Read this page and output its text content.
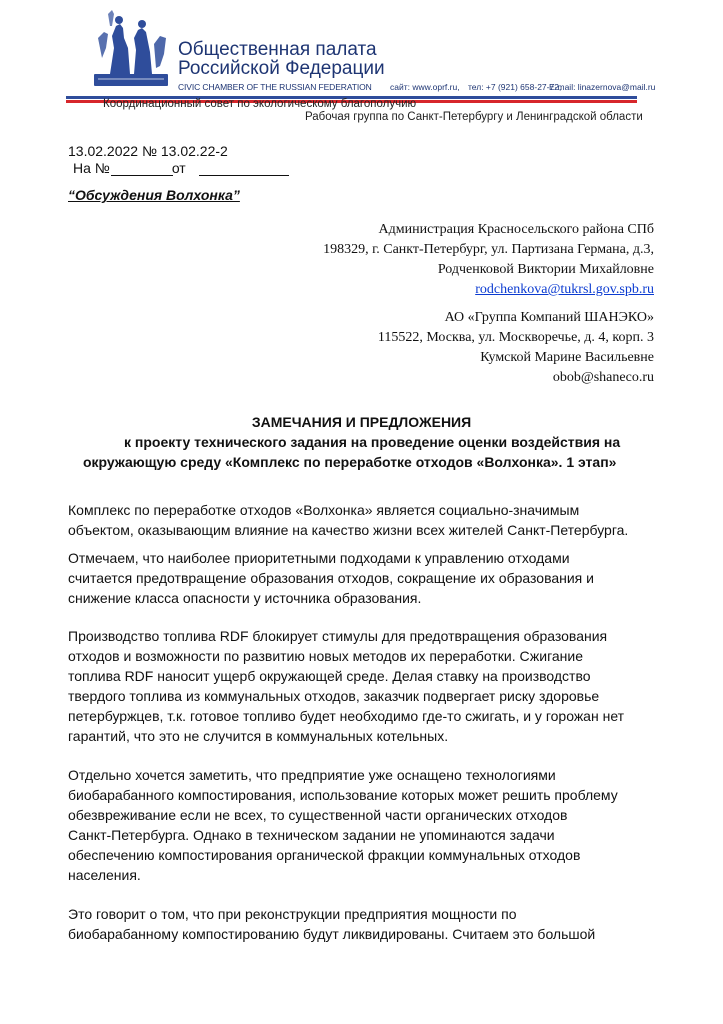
Общественная палата
Российской Федерации
CIVIC CHAMBER OF THE RUSSIAN FEDERATION сайт: www.oprf.ru, тел: +7 (921) 658-27-72,
E-mail: linazernova@mail.ru
Координационный совет по экологическому благополучию
Рабочая группа по Санкт-Петербургу и Ленинградской области
13.02.2022 № 13.02.22-2
На №	от
“Обсуждения Волхонка”
Администрация Красносельского района СПб
198329, г. Санкт-Петербург, ул. Партизана Германа, д.3,
Родченковой Виктории Михайловне
rodchenkova@tukrsl.gov.spb.ru
АО «Группа Компаний ШАНЭКО»
115522, Москва, ул. Москворечье, д. 4, корп. 3
Кумской Марине Васильевне
obob@shaneco.ru
ЗАМЕЧАНИЯ И ПРЕДЛОЖЕНИЯ
к проекту технического задания на проведение оценки воздействия на
окружающую среду «Комплекс по переработке отходов «Волхонка». 1 этап»
Комплекс по переработке отходов «Волхонка» является социально-значимым
объектом, оказывающим влияние на качество жизни всех жителей Санкт-Петербурга.
Отмечаем, что наиболее приоритетными подходами к управлению отходами
считается предотвращение образования отходов, сокращение их образования и
снижение класса опасности у источника образования.
Производство топлива RDF блокирует стимулы для предотвращения образования
отходов и возможности по развитию новых методов их переработки. Сжигание
топлива RDF наносит ущерб окружающей среде. Делая ставку на производство
твердого топлива из коммунальных отходов, заказчик подвергает риску здоровье
петербуржцев, т.к. готовое топливо будет необходимо где-то сжигать, и у горожан нет
гарантий, что это не случится в коммунальных котельных.
Отдельно хочется заметить, что предприятие уже оснащено технологиями
биобарабанного компостирования, использование которых может решить проблему
обезвреживание если не всех, то существенной части органических отходов
Санкт-Петербурга. Однако в техническом задании не упоминаются задачи
обеспечению компостирования органической фракции коммунальных отходов
населения.
Это говорит о том, что при реконструкции предприятия мощности по
биобарабанному компостированию будут ликвидированы. Считаем это большой
